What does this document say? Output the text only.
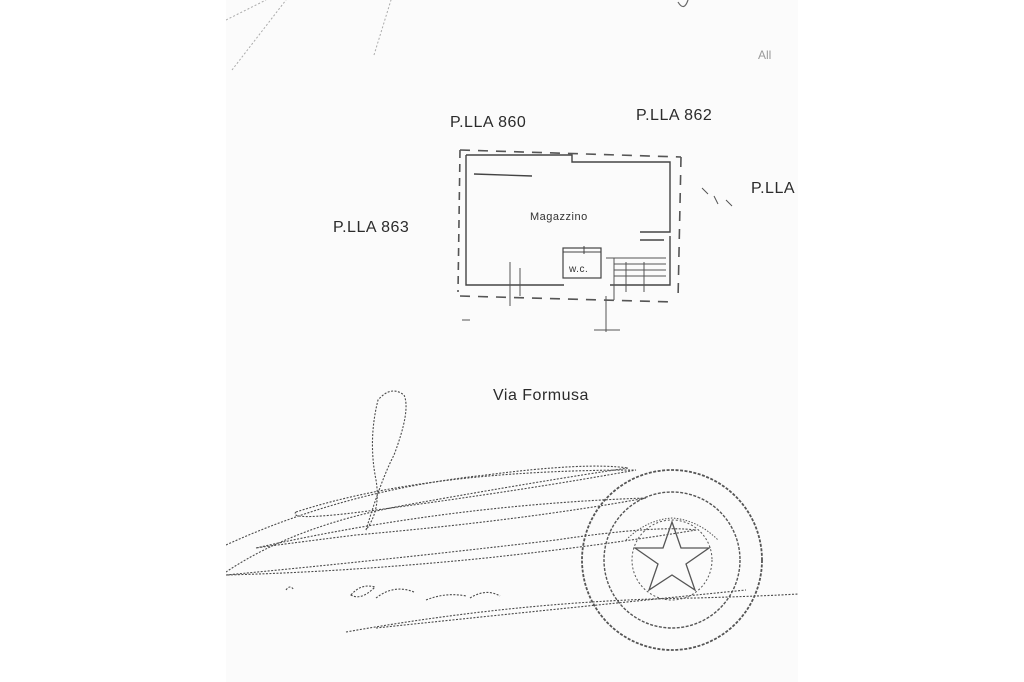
P.LLA 860	P.LLA 862
P.LLA 863
P.LLA
Magazzino
w.c.
Via Formusa
All
